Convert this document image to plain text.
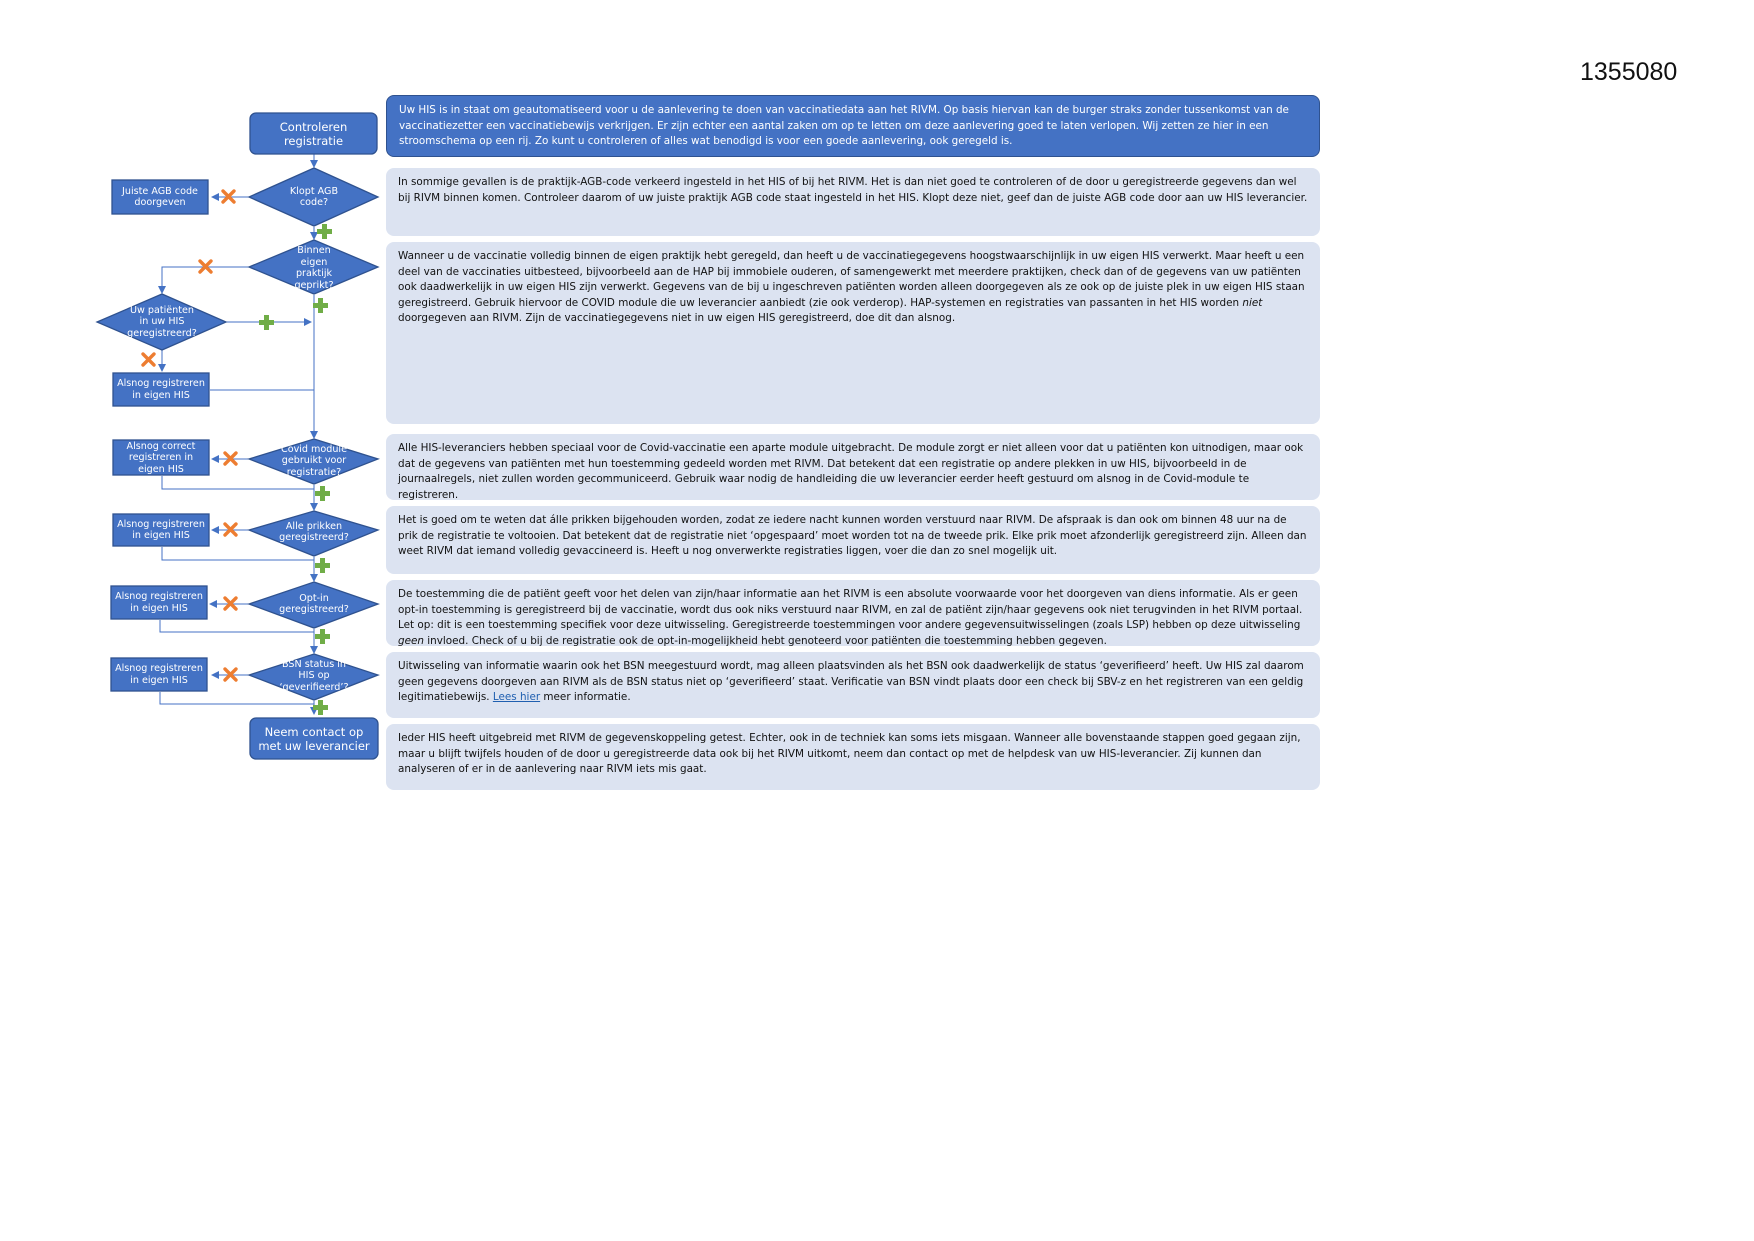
1355080
Controleren registratie
Neem contact op met uw leverancier
Klopt AGB code?
Binnen eigen praktijk geprikt?
Uw patiënten in uw HIS geregistreerd?
Covid module gebruikt voor registratie?
Alle prikken geregistreerd?
Opt-in geregistreerd?
BSN status in HIS op ‘geverifieerd’?
Juiste AGB code doorgeven
Alsnog registreren in eigen HIS
Alsnog correct registreren in eigen HIS
Alsnog registreren in eigen HIS
Alsnog registreren in eigen HIS
Alsnog registreren in eigen HIS
Uw HIS is in staat om geautomatiseerd voor u de aanlevering te doen van vaccinatiedata aan het RIVM. Op basis hiervan kan de burger straks zonder tussenkomst van de vaccinatiezetter een vaccinatiebewijs verkrijgen. Er zijn echter een aantal zaken om op te letten om deze aanlevering goed te laten verlopen. Wij zetten ze hier in een stroomschema op een rij. Zo kunt u controleren of alles wat benodigd is voor een goede aanlevering, ook geregeld is.
In sommige gevallen is de praktijk-AGB-code verkeerd ingesteld in het HIS of bij het RIVM. Het is dan niet goed te controleren of de door u geregistreerde gegevens dan wel bij RIVM binnen komen. Controleer daarom of uw juiste praktijk AGB code staat ingesteld in het HIS. Klopt deze niet, geef dan de juiste AGB code door aan uw HIS leverancier.
Wanneer u de vaccinatie volledig binnen de eigen praktijk hebt geregeld, dan heeft u de vaccinatiegegevens hoogstwaarschijnlijk in uw eigen HIS verwerkt. Maar heeft u een deel van de vaccinaties uitbesteed, bijvoorbeeld aan de HAP bij immobiele ouderen, of samengewerkt met meerdere praktijken, check dan of de gegevens van uw patiënten ook daadwerkelijk in uw eigen HIS zijn verwerkt. Gegevens van de bij u ingeschreven patiënten worden alleen doorgegeven als ze ook op de juiste plek in uw eigen HIS staan geregistreerd. Gebruik hiervoor de COVID module die uw leverancier aanbiedt (zie ook verderop). HAP-systemen en registraties van passanten in het HIS worden niet doorgegeven aan RIVM. Zijn de vaccinatiegegevens niet in uw eigen HIS geregistreerd, doe dit dan alsnog.
Alle HIS-leveranciers hebben speciaal voor de Covid-vaccinatie een aparte module uitgebracht. De module zorgt er niet alleen voor dat u patiënten kon uitnodigen, maar ook dat de gegevens van patiënten met hun toestemming gedeeld worden met RIVM. Dat betekent dat een registratie op andere plekken in uw HIS, bijvoorbeeld in de journaalregels, niet zullen worden gecommuniceerd. Gebruik waar nodig de handleiding die uw leverancier eerder heeft gestuurd om alsnog in de Covid-module te registreren.
Het is goed om te weten dat álle prikken bijgehouden worden, zodat ze iedere nacht kunnen worden verstuurd naar RIVM. De afspraak is dan ook om binnen 48 uur na de prik de registratie te voltooien. Dat betekent dat de registratie niet ‘opgespaard’ moet worden tot na de tweede prik. Elke prik moet afzonderlijk geregistreerd zijn. Alleen dan weet RIVM dat iemand volledig gevaccineerd is. Heeft u nog onverwerkte registraties liggen, voer die dan zo snel mogelijk uit.
De toestemming die de patiënt geeft voor het delen van zijn/haar informatie aan het RIVM is een absolute voorwaarde voor het doorgeven van diens informatie. Als er geen opt-in toestemming is geregistreerd bij de vaccinatie, wordt dus ook niks verstuurd naar RIVM, en zal de patiënt zijn/haar gegevens ook niet terugvinden in het RIVM portaal. Let op: dit is een toestemming specifiek voor deze uitwisseling. Geregistreerde toestemmingen voor andere gegevensuitwisselingen (zoals LSP) hebben op deze uitwisseling geen invloed. Check of u bij de registratie ook de opt-in-mogelijkheid hebt genoteerd voor patiënten die toestemming hebben gegeven.
Uitwisseling van informatie waarin ook het BSN meegestuurd wordt, mag alleen plaatsvinden als het BSN ook daadwerkelijk de status ‘geverifieerd’ heeft. Uw HIS zal daarom geen gegevens doorgeven aan RIVM als de BSN status niet op ‘geverifieerd’ staat. Verificatie van BSN vindt plaats door een check bij SBV-z en het registreren van een geldig legitimatiebewijs. Lees hier meer informatie.
Ieder HIS heeft uitgebreid met RIVM de gegevenskoppeling getest. Echter, ook in de techniek kan soms iets misgaan. Wanneer alle bovenstaande stappen goed gegaan zijn, maar u blijft twijfels houden of de door u geregistreerde data ook bij het RIVM uitkomt, neem dan contact op met de helpdesk van uw HIS-leverancier. Zij kunnen dan analyseren of er in de aanlevering naar RIVM iets mis gaat.
